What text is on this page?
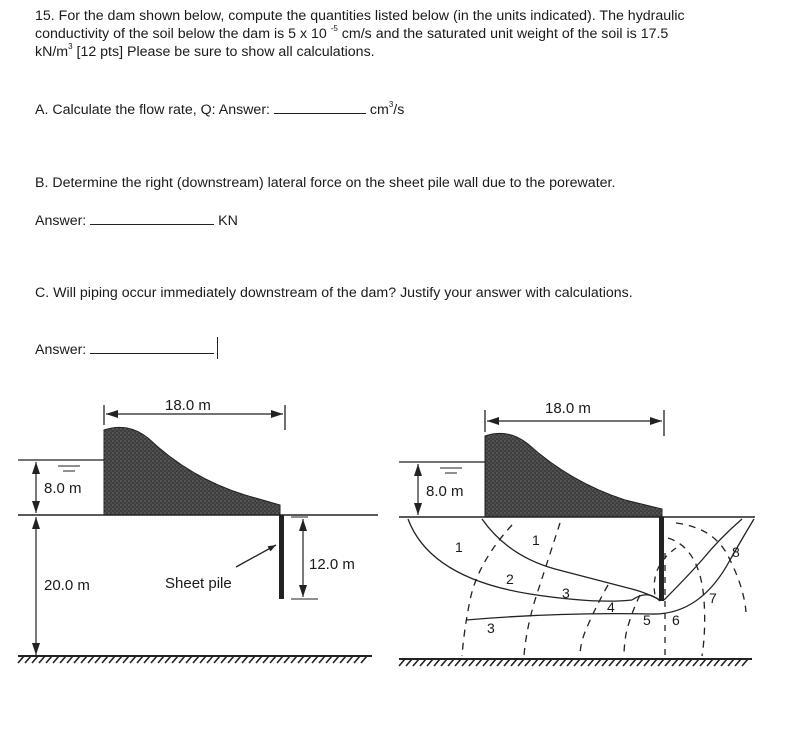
15. For the dam shown below, compute the quantities listed below (in the units indicated). The hydraulic
conductivity of the soil below the dam is 5 x 10 $^{-5}$ cm/s and the saturated unit weight of the soil is 17.5
$kN/m^3$ [12 pts] Please be sure to show all calculations.
A. Calculate the flow rate, Q: Answer:	$cm^3/s$
B. Determine the right (downstream) lateral force on the sheet pile wall due to the porewater.
Answer:	KN
C. Will piping occur immediately downstream of the dam? Justify your answer with calculations.
Answer:
18.0 m
8.0 m
20.0 m	Sheet pile
12.0 m
18.0 m
8.0 m
1	1
2
3
3
4
5 6
7
8
